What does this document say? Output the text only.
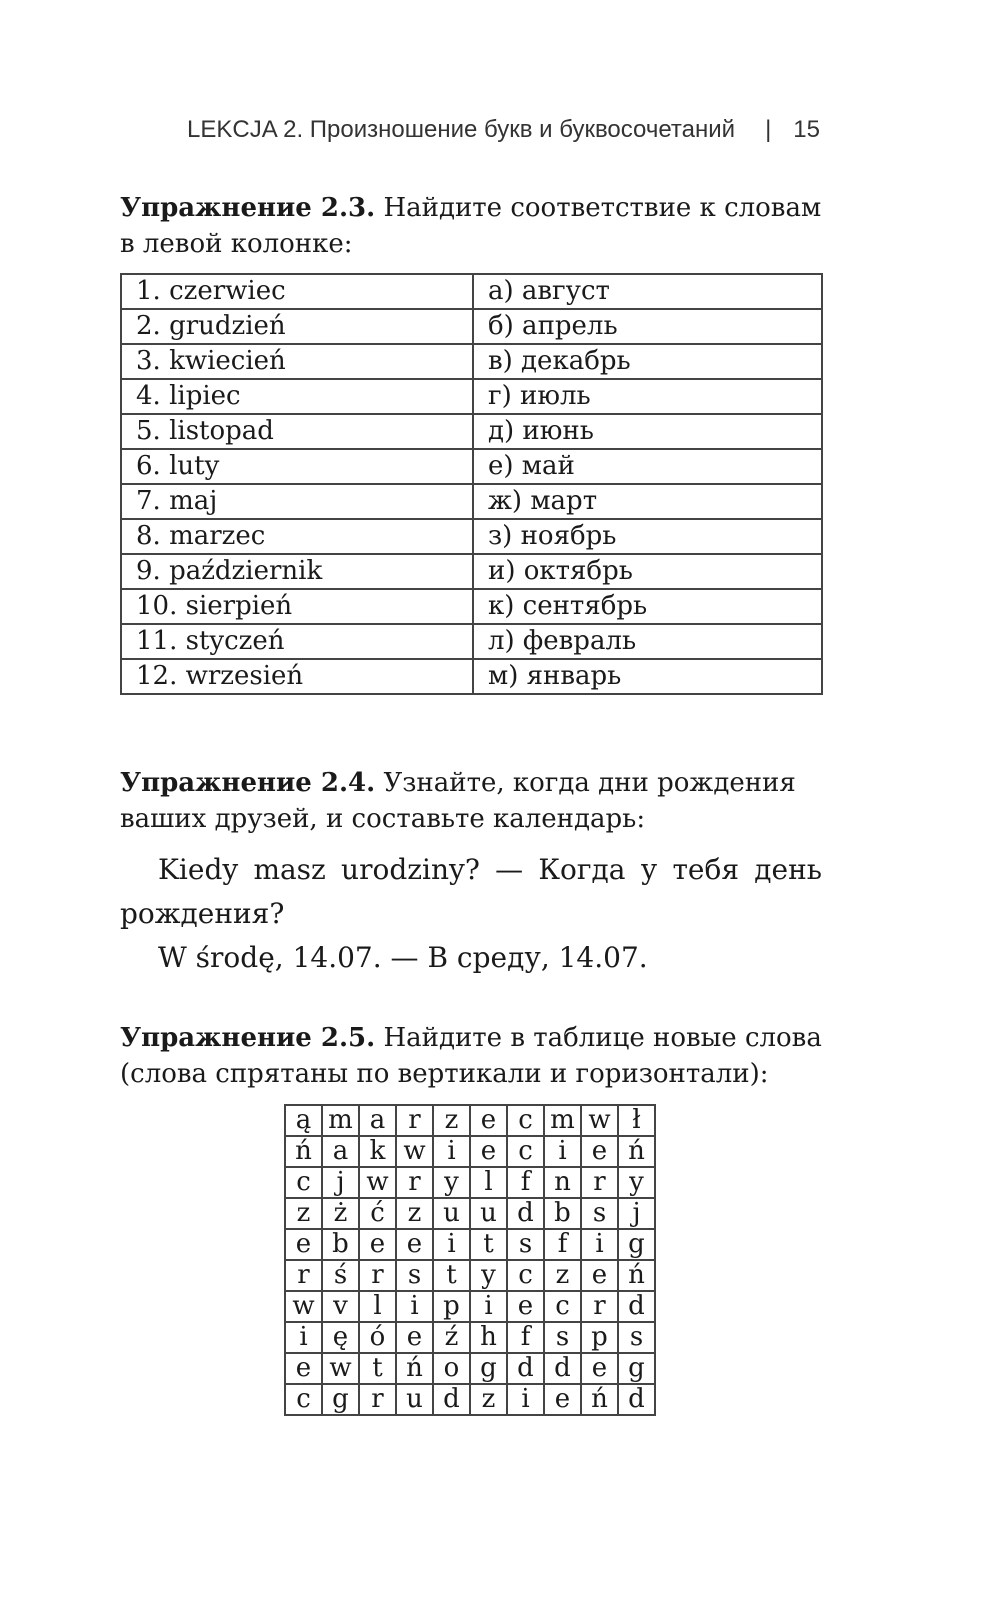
LEKCJA 2. Произношение букв и буквосочетаний | 15
Упражнение 2.3. Найдите соответствие к словам в левой колонке:
1. czerwiec	а) август
2. grudzień	б) апрель
3. kwiecień	в) декабрь
4. lipiec	г) июль
5. listopad	д) июнь
6. luty	е) май
7. maj	ж) март
8. marzec	з) ноябрь
9. październik	и) октябрь
10. sierpień	к) сентябрь
11. styczeń	л) февраль
12. wrzesień	м) январь
Упражнение 2.4. Узнайте, когда дни рождения ваших друзей, и составьте календарь:
Kiedy masz urodziny? — Когда у тебя день рождения?
W środę, 14.07. — В среду, 14.07.
Упражнение 2.5. Найдите в таблице новые слова (слова спрятаны по вертикали и горизонтали):
ą	m	a	r	z	e	c	m	w	ł
ń	a	k	w	i	e	c	i	e	ń
c	j	w	r	y	l	f	n	r	y
z	ż	ć	z	u	u	d	b	s	j
e	b	e	e	i	t	s	f	i	g
r	ś	r	s	t	y	c	z	e	ń
w	v	l	i	p	i	e	c	r	d
i	ę	ó	e	ź	h	f	s	p	s
e	w	t	ń	o	g	d	d	e	g
c	g	r	u	d	z	i	e	ń	d
